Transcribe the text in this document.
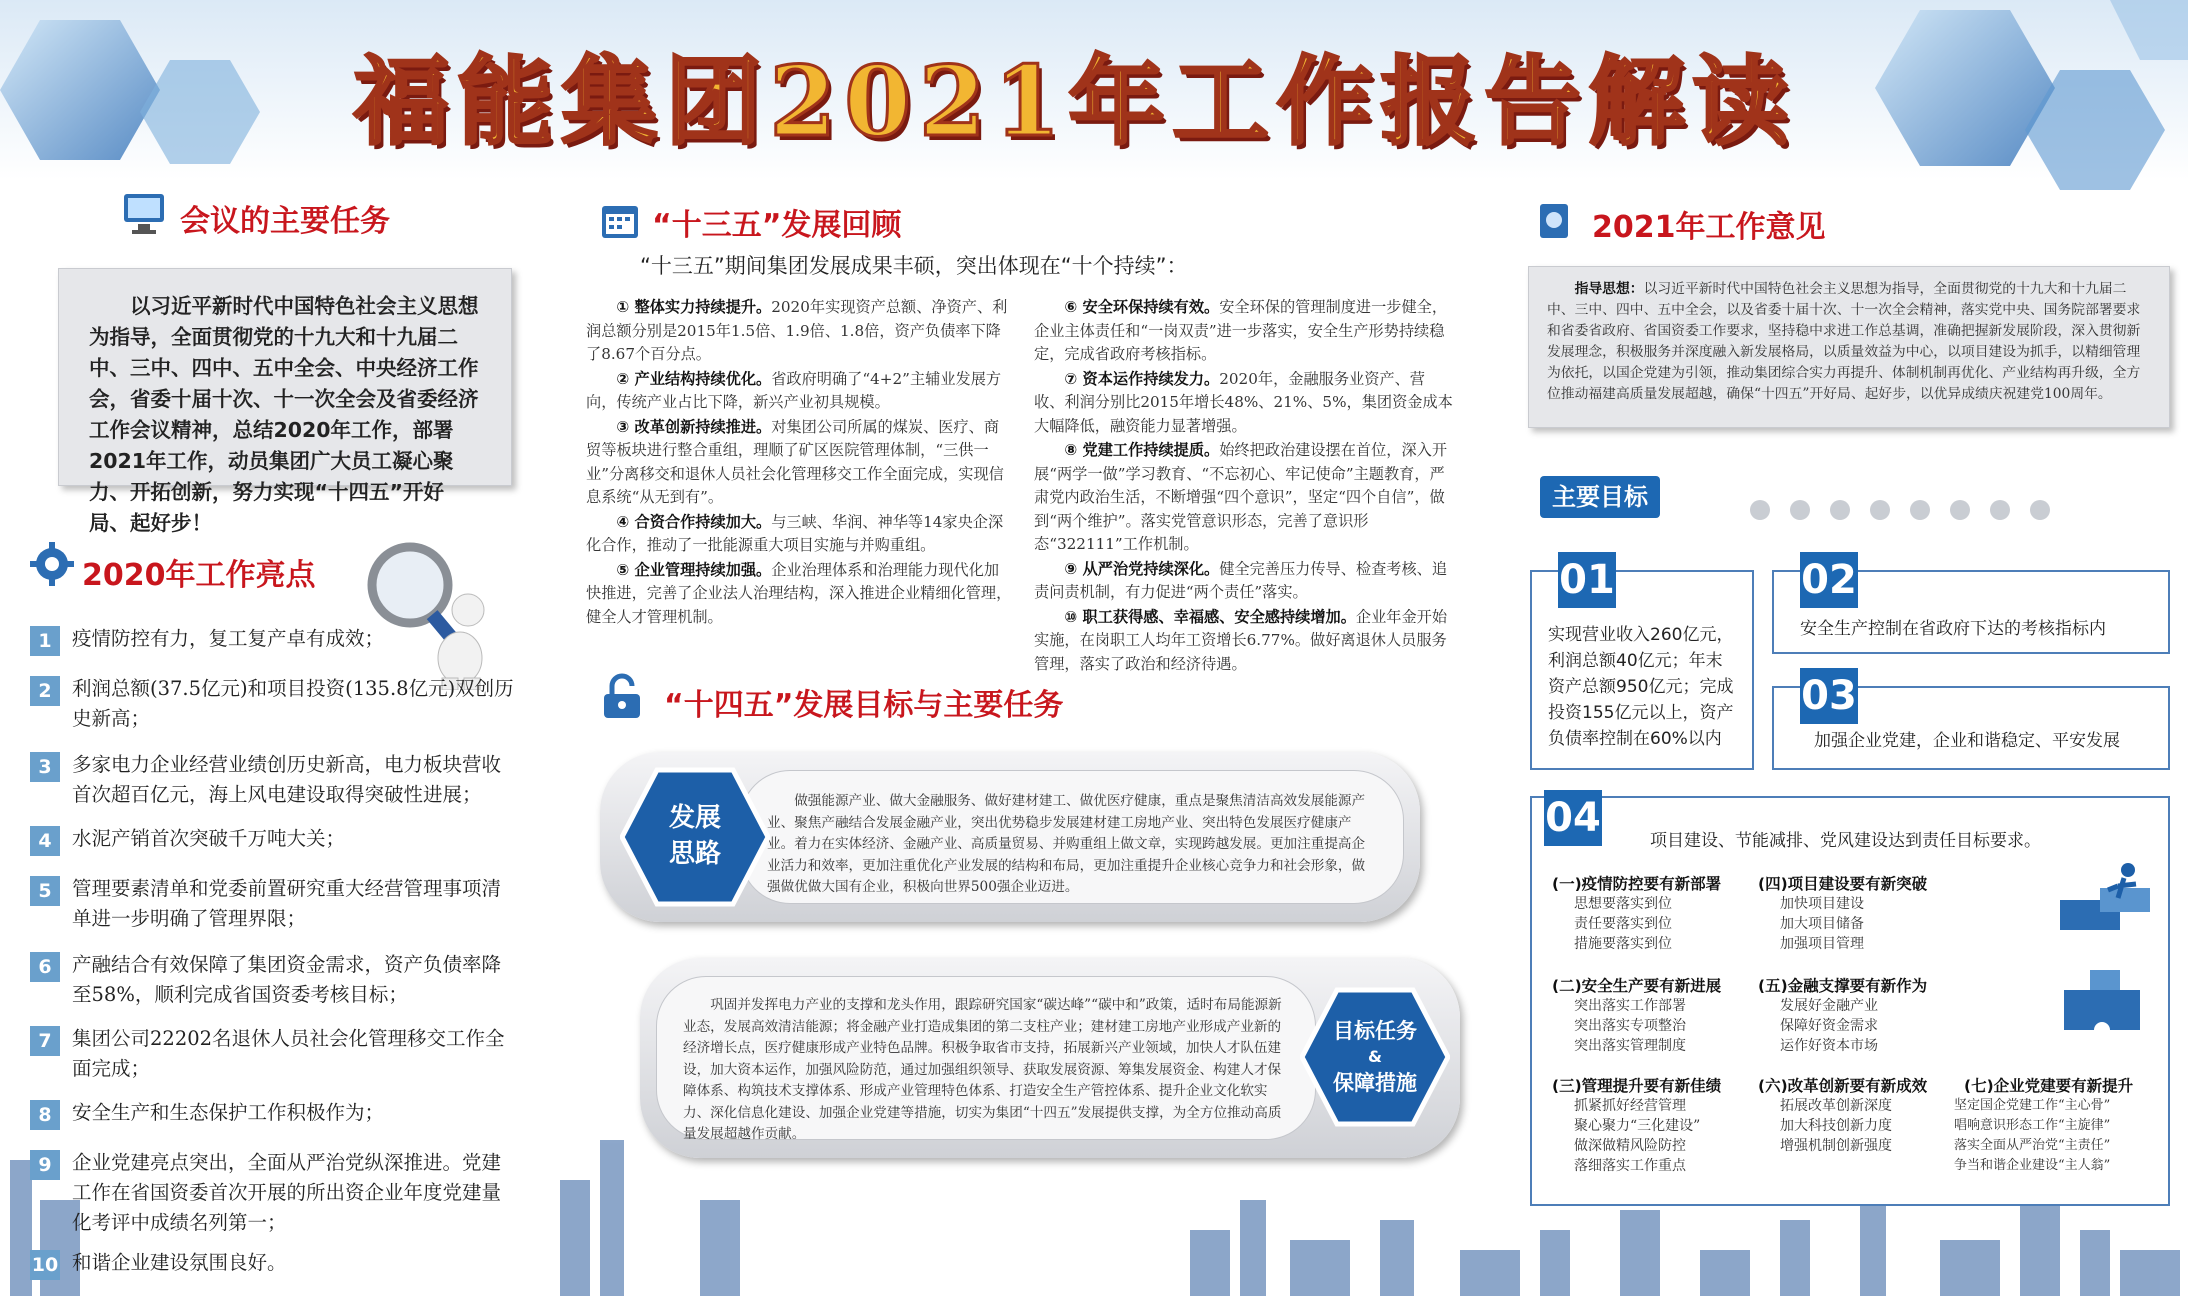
福能集团2021年工作报告解读
会议的主要任务
以习近平新时代中国特色社会主义思想为指导，全面贯彻党的十九大和十九届二中、三中、四中、五中全会、中央经济工作会，省委十届十次、十一次全会及省委经济工作会议精神，总结2020年工作，部署2021年工作，动员集团广大员工凝心聚力、开拓创新，努力实现“十四五”开好局、起好步！
2020年工作亮点
1	疫情防控有力，复工复产卓有成效；
2	利润总额(37.5亿元)和项目投资(135.8亿元)双创历史新高；
3	多家电力企业经营业绩创历史新高，电力板块营收首次超百亿元，海上风电建设取得突破性进展；
4	水泥产销首次突破千万吨大关；
5	管理要素清单和党委前置研究重大经营管理事项清单进一步明确了管理界限；
6	产融结合有效保障了集团资金需求，资产负债率降至58%，顺利完成省国资委考核目标；
7	集团公司22202名退休人员社会化管理移交工作全面完成；
8	安全生产和生态保护工作积极作为；
9	企业党建亮点突出，全面从严治党纵深推进。党建工作在省国资委首次开展的所出资企业年度党建量化考评中成绩名列第一；
10 和谐企业建设氛围良好。
“十三五”发展回顾
“十三五”期间集团发展成果丰硕，突出体现在“十个持续”：

① 整体实力持续提升。2020年实现资产总额、净资产、利润总额分别是2015年1.5倍、1.9倍、1.8倍，资产负债率下降了8.67个百分点。

② 产业结构持续优化。省政府明确了“4+2”主辅业发展方向，传统产业占比下降，新兴产业初具规模。

③ 改革创新持续推进。对集团公司所属的煤炭、医疗、商贸等板块进行整合重组，理顺了矿区医院管理体制，“三供一业”分离移交和退休人员社会化管理移交工作全面完成，实现信息系统“从无到有”。

④ 合资合作持续加大。与三峡、华润、神华等14家央企深化合作，推动了一批能源重大项目实施与并购重组。

⑤ 企业管理持续加强。企业治理体系和治理能力现代化加快推进，完善了企业法人治理结构，深入推进企业精细化管理，健全人才管理机制。

⑥ 安全环保持续有效。安全环保的管理制度进一步健全，企业主体责任和“一岗双责”进一步落实，安全生产形势持续稳定，完成省政府考核指标。

⑦ 资本运作持续发力。2020年，金融服务业资产、营收、利润分别比2015年增长48%、21%、5%，集团资金成本大幅降低，融资能力显著增强。

⑧ 党建工作持续提质。始终把政治建设摆在首位，深入开展“两学一做”学习教育、“不忘初心、牢记使命”主题教育，严肃党内政治生活，不断增强“四个意识”，坚定“四个自信”，做到“两个维护”。落实党管意识形态，完善了意识形态“322111”工作机制。

⑨ 从严治党持续深化。健全完善压力传导、检查考核、追责问责机制，有力促进“两个责任”落实。

⑩ 职工获得感、幸福感、安全感持续增加。企业年金开始实施，在岗职工人均年工资增长6.77%。做好离退休人员服务管理，落实了政治和经济待遇。

“十四五”发展目标与主要任务
做强能源产业、做大金融服务、做好建材建工、做优医疗健康，重点是聚焦清洁高效发展能源产业、聚焦产融结合发展金融产业，突出优势稳步发展建材建工房地产业、突出特色发展医疗健康产业。着力在实体经济、金融产业、高质量贸易、并购重组上做文章，实现跨越发展。更加注重提高企业活力和效率，更加注重优化产业发展的结构和布局，更加注重提升企业核心竞争力和社会形象，做强做优做大国有企业，积极向世界500强企业迈进。
发展
思路
巩固并发挥电力产业的支撑和龙头作用，跟踪研究国家“碳达峰”“碳中和”政策，适时布局能源新业态，发展高效清洁能源；将金融产业打造成集团的第二支柱产业；建材建工房地产业形成产业新的经济增长点，医疗健康形成产业特色品牌。积极争取省市支持，拓展新兴产业领域，加快人才队伍建设，加大资本运作，加强风险防范，通过加强组织领导、获取发展资源、筹集发展资金、构建人才保障体系、构筑技术支撑体系、形成产业管理特色体系、打造安全生产管控体系、提升企业文化软实力、深化信息化建设、加强企业党建等措施，切实为集团“十四五”发展提供支撑，为全方位推动高质量发展超越作贡献。
目标任务
&
保障措施
2021年工作意见
指导思想：以习近平新时代中国特色社会主义思想为指导，全面贯彻党的十九大和十九届二中、三中、四中、五中全会，以及省委十届十次、十一次全会精神，落实党中央、国务院部署要求和省委省政府、省国资委工作要求，坚持稳中求进工作总基调，准确把握新发展阶段，深入贯彻新发展理念，积极服务并深度融入新发展格局，以质量效益为中心，以项目建设为抓手，以精细管理为依托，以国企党建为引领，推动集团综合实力再提升、体制机制再优化、产业结构再升级，全方位推动福建高质量发展超越，确保“十四五”开好局、起好步，以优异成绩庆祝建党100周年。
主要目标
01
实现营业收入260亿元，利润总额40亿元；年末资产总额950亿元；完成投资155亿元以上，资产负债率控制在60%以内
02
安全生产控制在省政府下达的考核指标内
03
加强企业党建，企业和谐稳定、平安发展
04	项目建设、节能减排、党风建设达到责任目标要求。

(一)疫情防控要有新部署

思想要落实到位

责任要落实到位

措施要落实到位

(四)项目建设要有新突破

加快项目建设

加大项目储备

加强项目管理

(二)安全生产要有新进展

突出落实工作部署

突出落实专项整治

突出落实管理制度

(五)金融支撑要有新作为

发展好金融产业

保障好资金需求

运作好资本市场

(三)管理提升要有新佳绩

抓紧抓好经营管理

聚心聚力“三化建设”

做深做精风险防控

落细落实工作重点

(六)改革创新要有新成效

拓展改革创新深度

加大科技创新力度

增强机制创新强度

(七)企业党建要有新提升

坚定国企党建工作“主心骨”

唱响意识形态工作“主旋律”

落实全面从严治党“主责任”

争当和谐企业建设“主人翁”
